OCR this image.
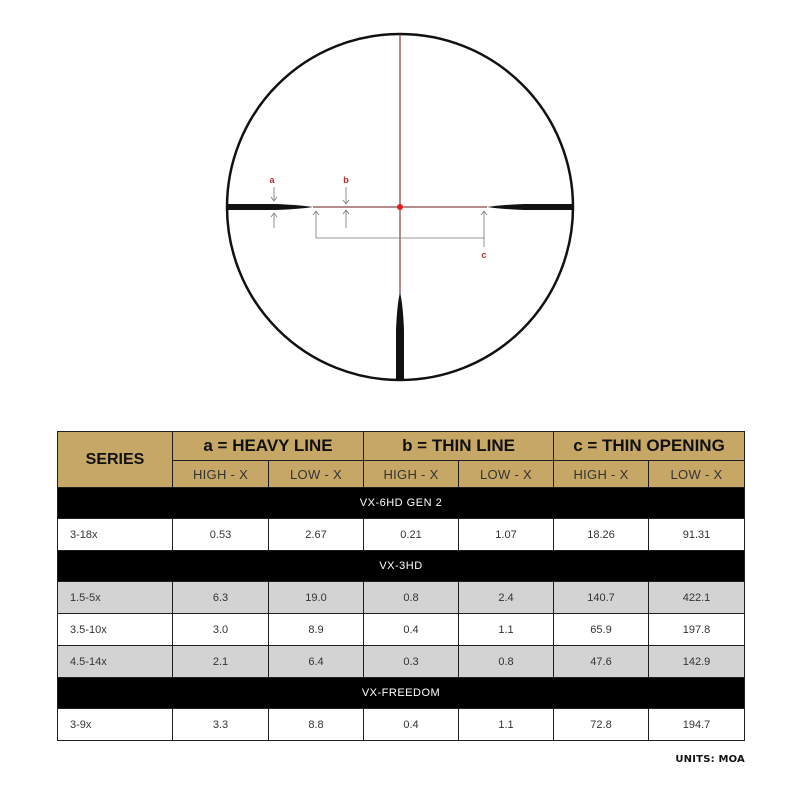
a	b
c
SERIES	a = HEAVY LINE		b = THIN LINE		c = THIN OPENING	
	HIGH - X	LOW - X	HIGH - X	LOW - X	HIGH - X	LOW - X
VX-6HD GEN 2						
3-18x	0.53	2.67	0.21	1.07	18.26	91.31
VX-3HD						
1.5-5x	6.3	19.0	0.8	2.4	140.7	422.1
3.5-10x	3.0	8.9	0.4	1.1	65.9	197.8
4.5-14x	2.1	6.4	0.3	0.8	47.6	142.9
VX-FREEDOM						
3-9x	3.3	8.8	0.4	1.1	72.8	194.7
UNITS: MOA
